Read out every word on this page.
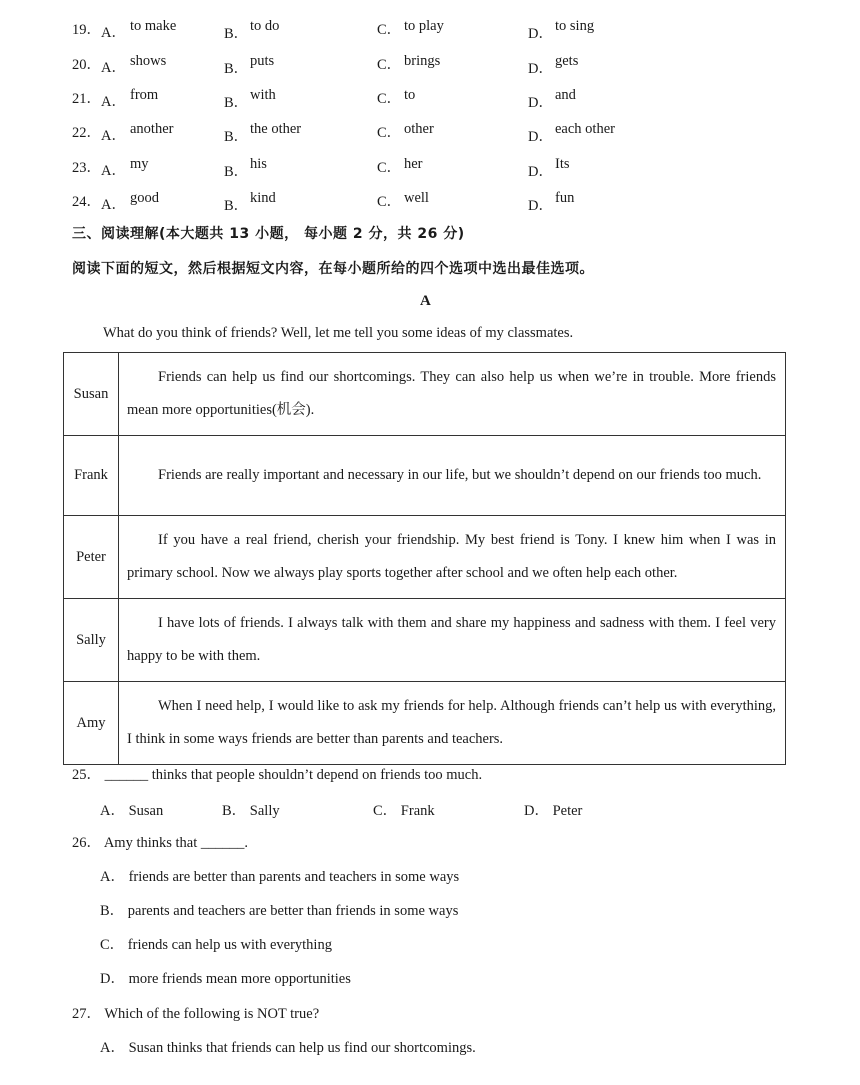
19． A． to make	B． to do	C． to play	D． to sing
20． A． shows	B． puts	C． brings	D． gets
21． A． from	B． with	C． to	D． and
22． A． another	B． the other	C． other	D． each other
23． A． my	B． his	C． her	D． Its
24． A． good	B． kind	C． well	D． fun
三、阅读理解(本大题共 13 小题， 每小题 2 分，共 26 分)
阅读下面的短文，然后根据短文内容，在每小题所给的四个选项中选出最佳选项。
A
What do you think of friends? Well, let me tell you some ideas of my classmates.
Susan	Friends can help us find our shortcomings. They can also help us when we’re in trouble. More friends mean more opportunities(机会).
Frank	Friends are really important and necessary in our life, but we shouldn’t depend on our friends too much.
Peter	If you have a real friend, cherish your friendship. My best friend is Tony. I knew him when I was in primary school. Now we always play sports together after school and we often help each other.
Sally	I have lots of friends. I always talk with them and share my happiness and sadness with them. I feel very happy to be with them.
Amy	When I need help, I would like to ask my friends for help. Although friends can’t help us with everything, I think in some ways friends are better than parents and teachers.
25． ______ thinks that people shouldn’t depend on friends too much.
A． Susan	B． Sally	C． Frank	D． Peter
26． Amy thinks that ______.
A． friends are better than parents and teachers in some ways
B． parents and teachers are better than friends in some ways
C． friends can help us with everything
D． more friends mean more opportunities
27． Which of the following is NOT true?
A． Susan thinks that friends can help us find our shortcomings.
